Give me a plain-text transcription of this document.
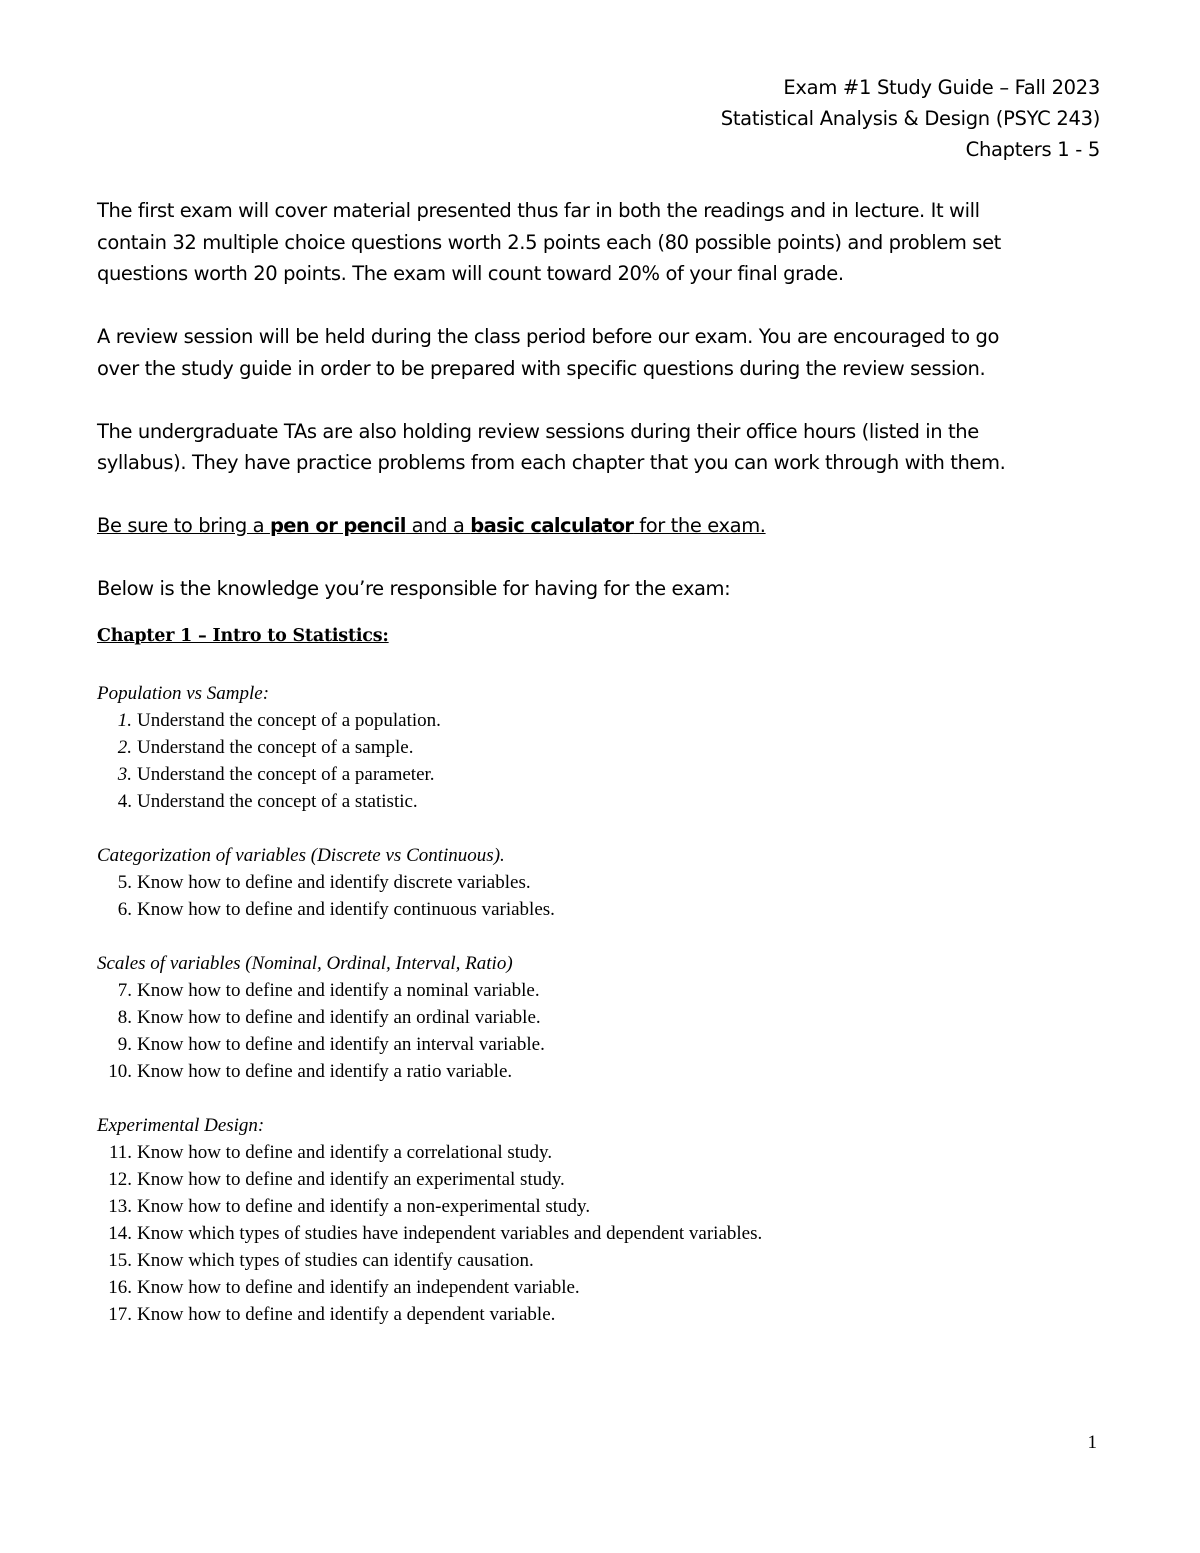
Exam #1 Study Guide – Fall 2023
Statistical Analysis & Design (PSYC 243)
Chapters 1 - 5
The first exam will cover material presented thus far in both the readings and in lecture. It will
contain 32 multiple choice questions worth 2.5 points each (80 possible points) and problem set
questions worth 20 points. The exam will count toward 20% of your final grade.
A review session will be held during the class period before our exam. You are encouraged to go
over the study guide in order to be prepared with specific questions during the review session.
The undergraduate TAs are also holding review sessions during their office hours (listed in the
syllabus). They have practice problems from each chapter that you can work through with them.
Be sure to bring a pen or pencil and a basic calculator for the exam.
Below is the knowledge you’re responsible for having for the exam:
Chapter 1 – Intro to Statistics:
Population vs Sample:
1. Understand the concept of a population.
2. Understand the concept of a sample.
3. Understand the concept of a parameter.
4. Understand the concept of a statistic.
Categorization of variables (Discrete vs Continuous).
5. Know how to define and identify discrete variables.
6. Know how to define and identify continuous variables.
Scales of variables (Nominal, Ordinal, Interval, Ratio)
7. Know how to define and identify a nominal variable.
8. Know how to define and identify an ordinal variable.
9. Know how to define and identify an interval variable.
10. Know how to define and identify a ratio variable.
Experimental Design:
11. Know how to define and identify a correlational study.
12. Know how to define and identify an experimental study.
13. Know how to define and identify a non-experimental study.
14. Know which types of studies have independent variables and dependent variables.
15. Know which types of studies can identify causation.
16. Know how to define and identify an independent variable.
17. Know how to define and identify a dependent variable.
1
